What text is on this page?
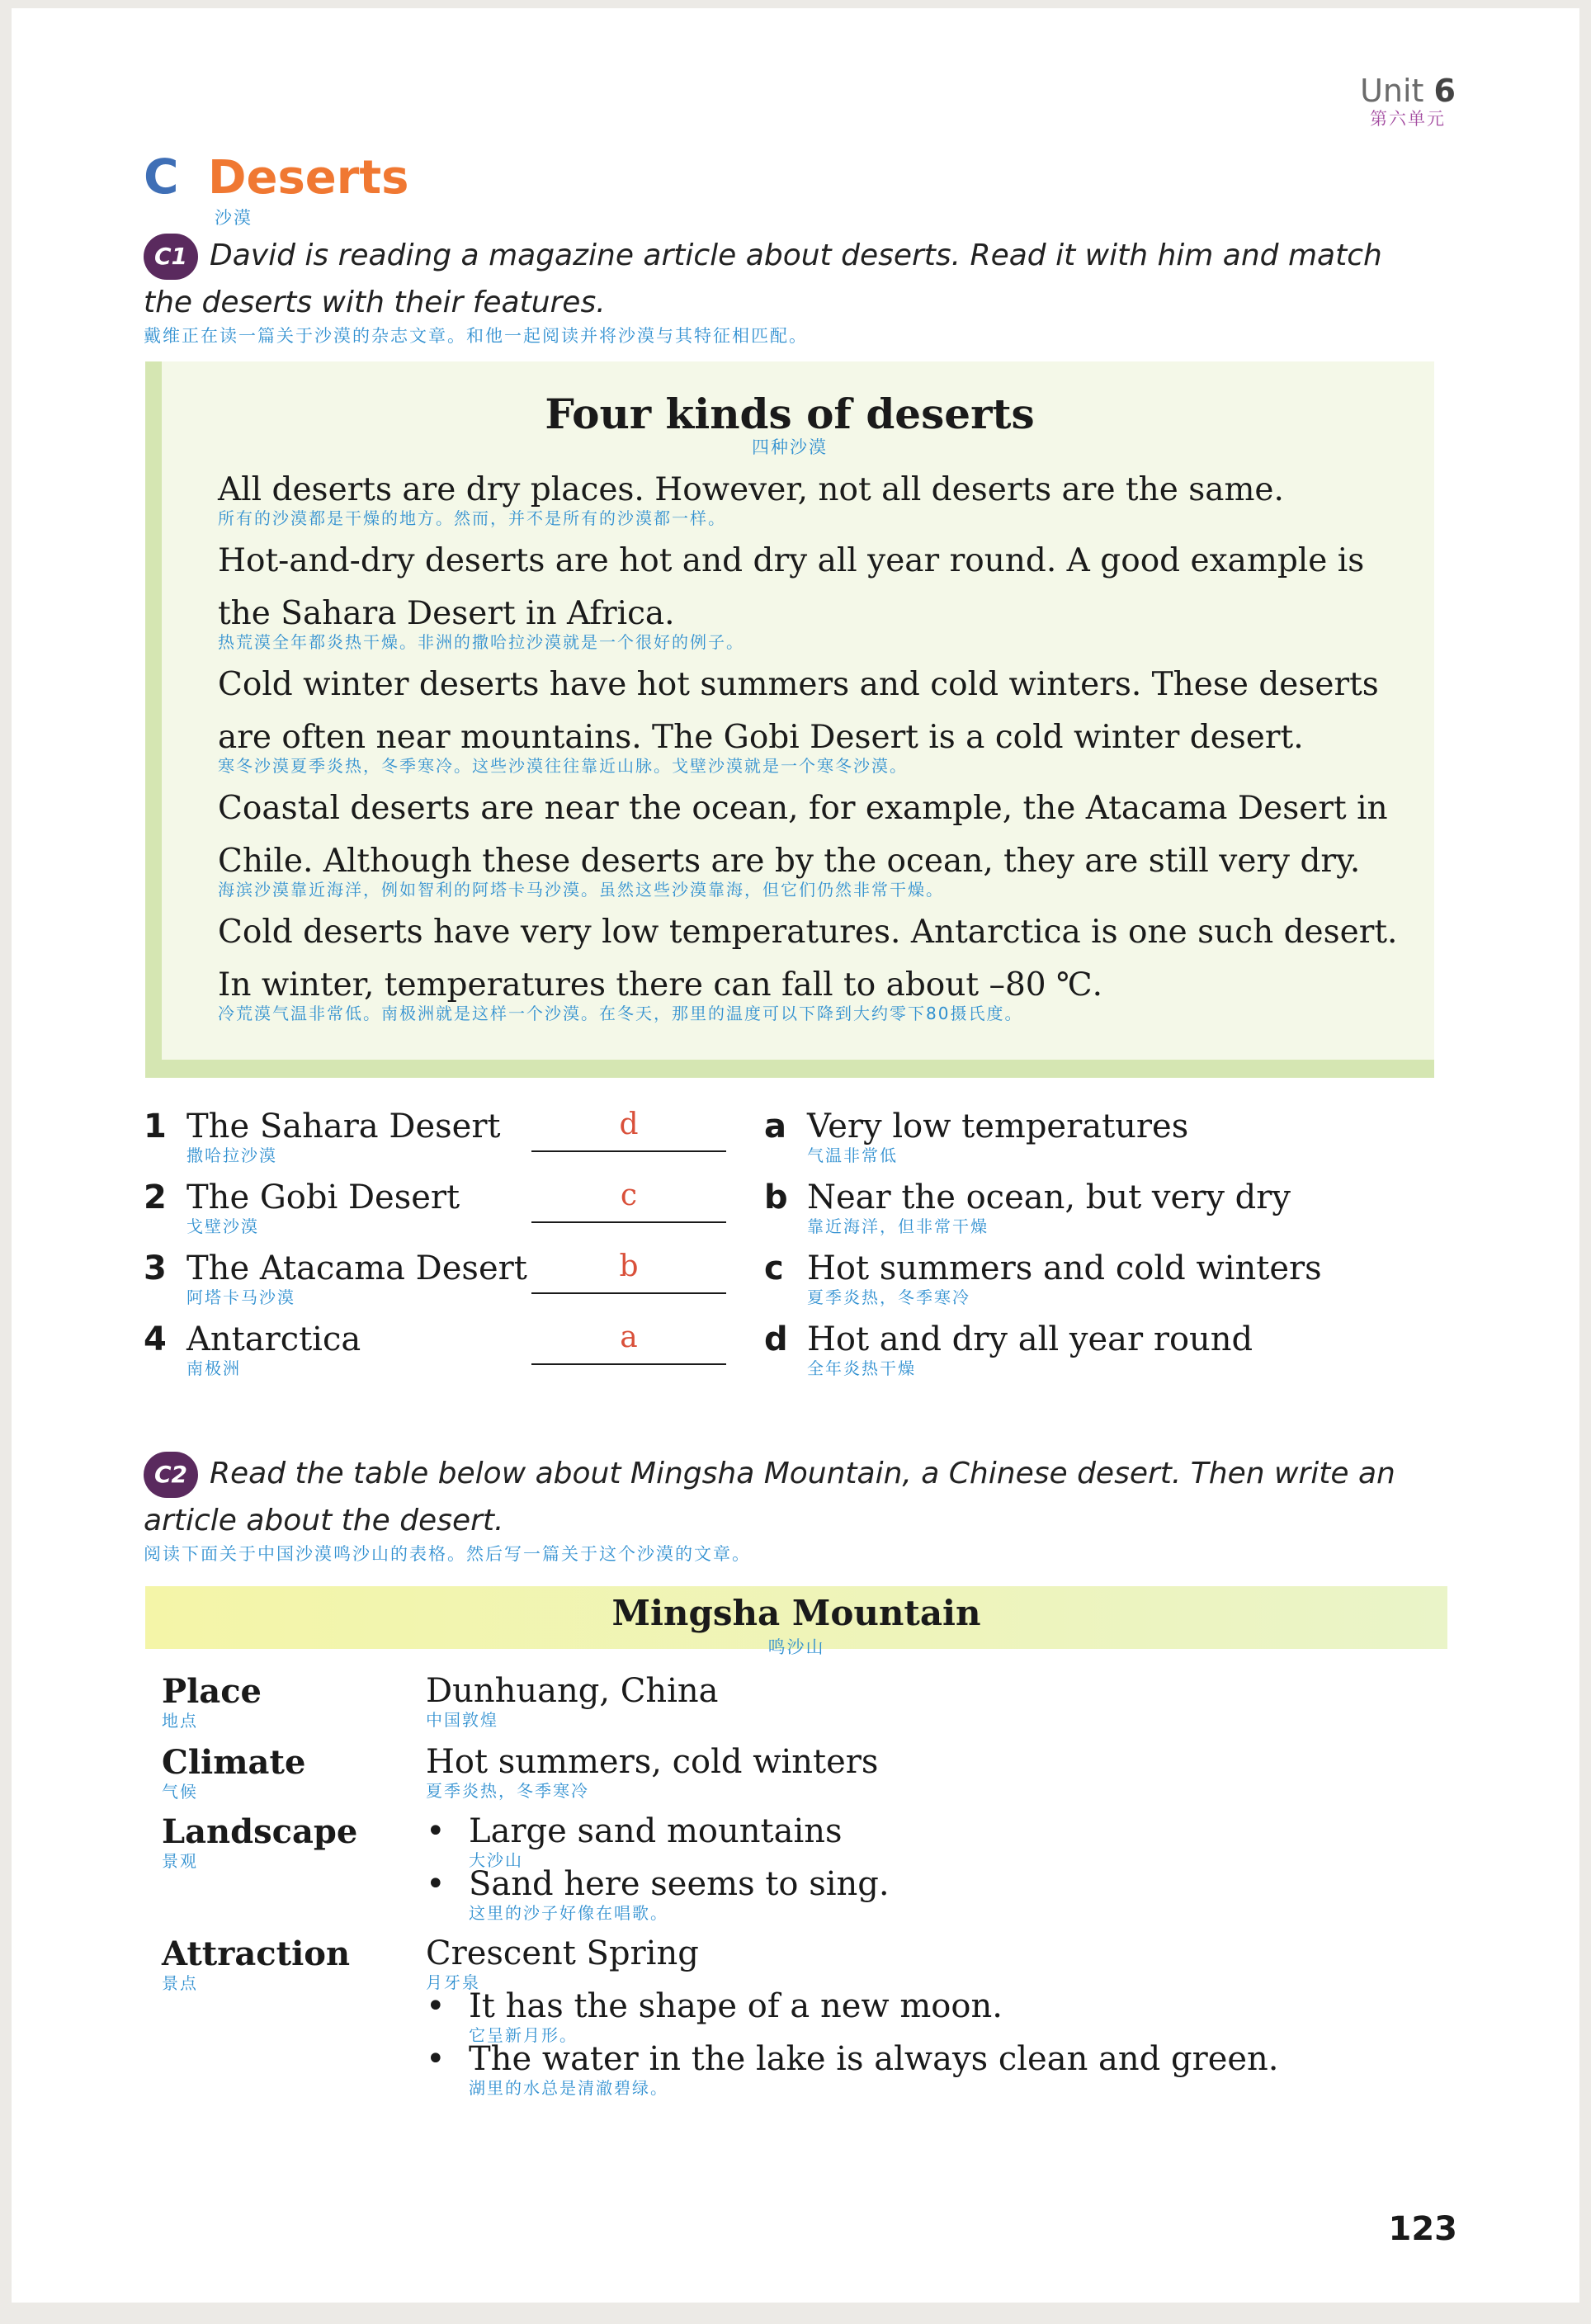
Unit 6
第六单元
C Deserts
沙漠
C1 David is reading a magazine article about deserts. Read it with him and match the deserts with their features.
戴维正在读一篇关于沙漠的杂志文章。和他一起阅读并将沙漠与其特征相匹配。
Four kinds of deserts
四种沙漠
All deserts are dry places. However, not all deserts are the same.
所有的沙漠都是干燥的地方。然而，并不是所有的沙漠都一样。
Hot-and-dry deserts are hot and dry all year round. A good example is the Sahara Desert in Africa.
热荒漠全年都炎热干燥。非洲的撒哈拉沙漠就是一个很好的例子。
Cold winter deserts have hot summers and cold winters. These deserts are often near mountains. The Gobi Desert is a cold winter desert.
寒冬沙漠夏季炎热，冬季寒冷。这些沙漠往往靠近山脉。戈壁沙漠就是一个寒冬沙漠。
Coastal deserts are near the ocean, for example, the Atacama Desert in Chile. Although these deserts are by the ocean, they are still very dry.
海滨沙漠靠近海洋，例如智利的阿塔卡马沙漠。虽然这些沙漠靠海，但它们仍然非常干燥。
Cold deserts have very low temperatures. Antarctica is one such desert. In winter, temperatures there can fall to about –80 ℃.
冷荒漠气温非常低。南极洲就是这样一个沙漠。在冬天，那里的温度可以下降到大约零下80摄氏度。
1 The Sahara Desert
撒哈拉沙漠
d
2 The Gobi Desert
戈壁沙漠
c
3 The Atacama Desert
阿塔卡马沙漠
b
4 Antarctica
南极洲
a
a Very low temperatures
气温非常低
b Near the ocean, but very dry
靠近海洋，但非常干燥
c Hot summers and cold winters
夏季炎热，冬季寒冷
d Hot and dry all year round
全年炎热干燥
C2 Read the table below about Mingsha Mountain, a Chinese desert. Then write an article about the desert.
阅读下面关于中国沙漠鸣沙山的表格。然后写一篇关于这个沙漠的文章。
Mingsha Mountain
鸣沙山
Place
地点
Dunhuang, China
中国敦煌
Climate
气候
Hot summers, cold winters
夏季炎热，冬季寒冷
Landscape
景观
• Large sand mountains
大沙山
• Sand here seems to sing.
这里的沙子好像在唱歌。
Attraction
景点
Crescent Spring
月牙泉
• It has the shape of a new moon.
它呈新月形。
• The water in the lake is always clean and green.
湖里的水总是清澈碧绿。
123
